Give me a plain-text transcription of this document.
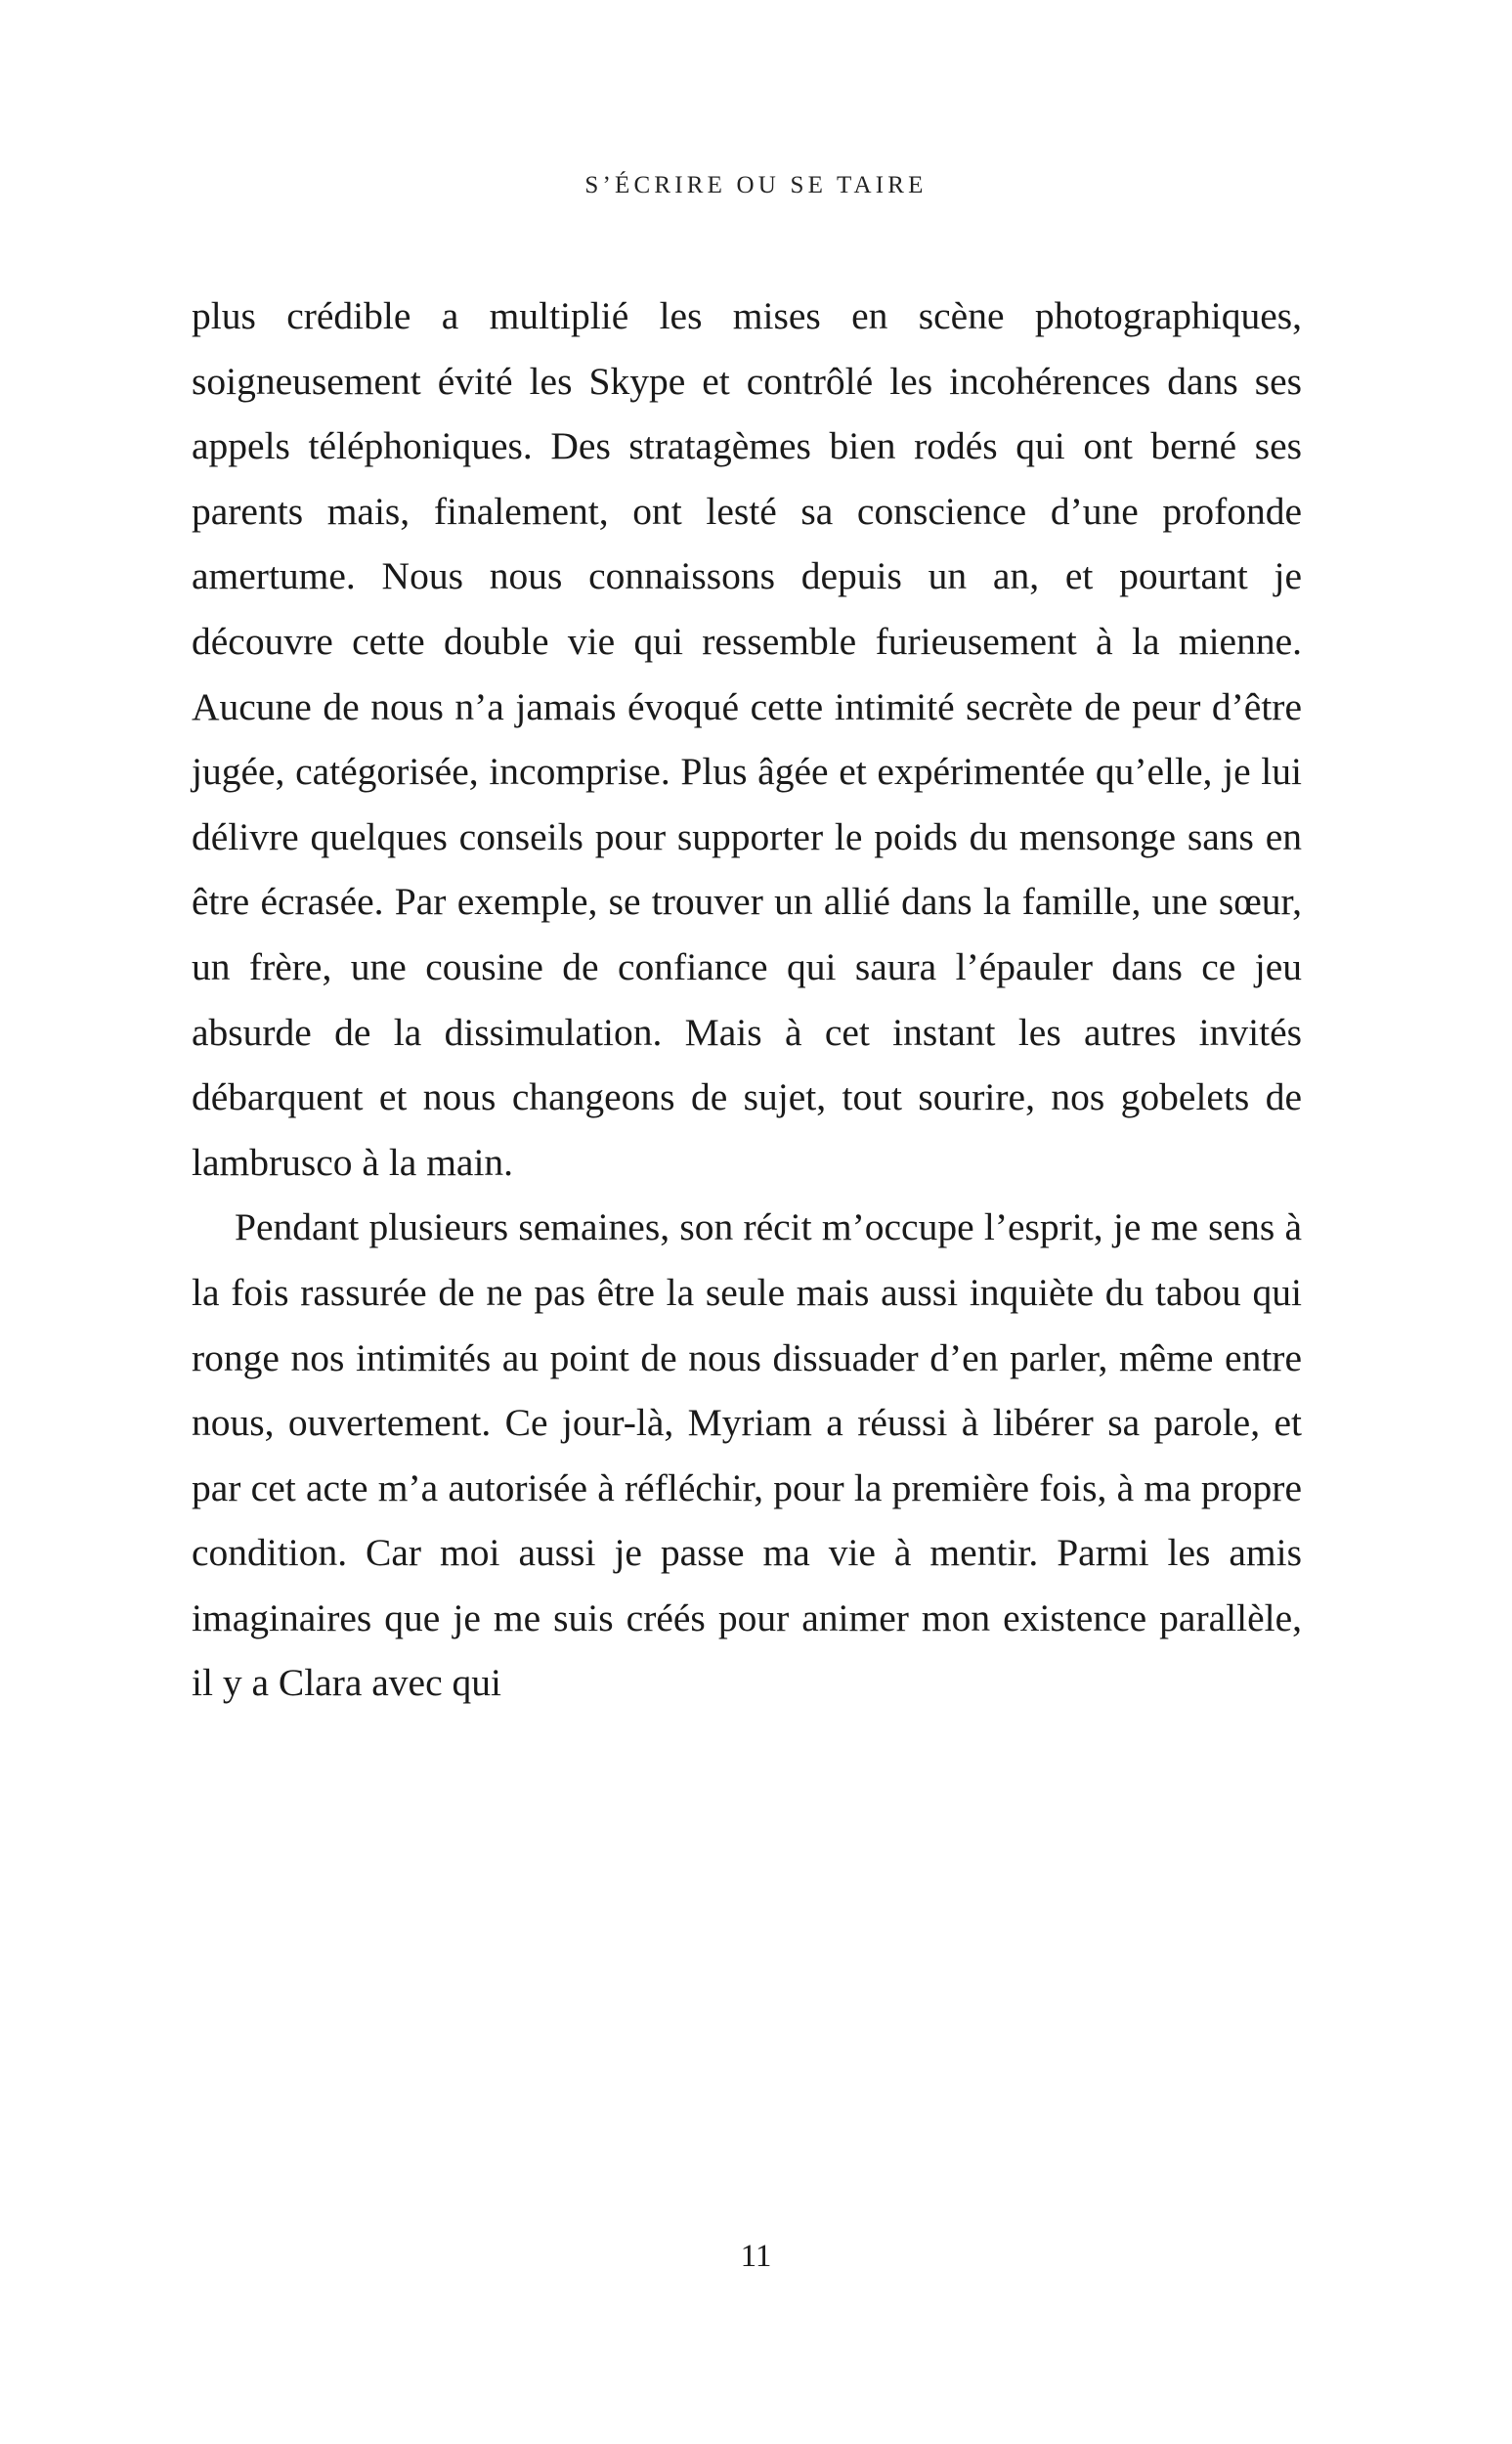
S’ÉCRIRE OU SE TAIRE

plus crédible a multiplié les mises en scène photographiques, soigneusement évité les Skype et contrôlé les incohérences dans ses appels téléphoniques. Des stratagèmes bien rodés qui ont berné ses parents mais, finalement, ont lesté sa conscience d’une profonde amertume. Nous nous connaissons depuis un an, et pourtant je découvre cette double vie qui ressemble furieusement à la mienne. Aucune de nous n’a jamais évoqué cette intimité secrète de peur d’être jugée, catégorisée, incomprise. Plus âgée et expérimentée qu’elle, je lui délivre quelques conseils pour supporter le poids du mensonge sans en être écrasée. Par exemple, se trouver un allié dans la famille, une sœur, un frère, une cousine de confiance qui saura l’épauler dans ce jeu absurde de la dissimulation. Mais à cet instant les autres invités débarquent et nous changeons de sujet, tout sourire, nos gobelets de lambrusco à la main.

Pendant plusieurs semaines, son récit m’occupe l’esprit, je me sens à la fois rassurée de ne pas être la seule mais aussi inquiète du tabou qui ronge nos intimités au point de nous dissuader d’en parler, même entre nous, ouvertement. Ce jour-là, Myriam a réussi à libérer sa parole, et par cet acte m’a autorisée à réfléchir, pour la première fois, à ma propre condition. Car moi aussi je passe ma vie à mentir. Parmi les amis imaginaires que je me suis créés pour animer mon existence parallèle, il y a Clara avec qui

11
